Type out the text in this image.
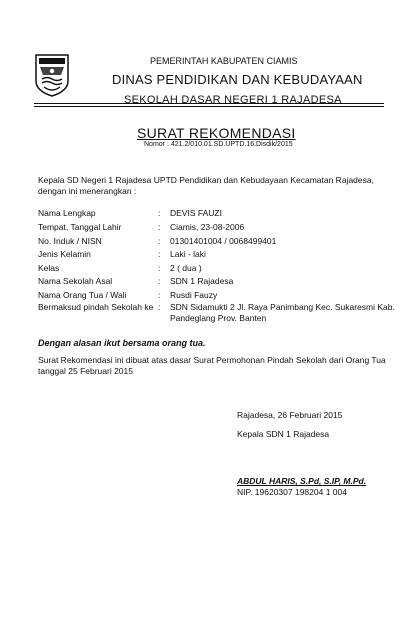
PEMERINTAH KABUPATEN CIAMIS
DINAS PENDIDIKAN DAN KEBUDAYAAN
SEKOLAH DASAR NEGERI 1 RAJADESA
SURAT REKOMENDASI
Nomor : 421.2/010.01.SD.UPTD.16.Disdik/2015
Kepala SD Negeri 1 Rajadesa UPTD Pendidikan dan Kebudayaan Kecamatan Rajadesa,
dengan ini menerangkan :
Nama Lengkap	: DEVIS FAUZI
Tempat, Tanggal Lahir	: Ciamis, 23-08-2006
No. Induk / NISN	: 01301401004 / 0068499401
Jenis Kelamin	: Laki - laki
Kelas	: 2 ( dua )
Nama Sekolah Asal	: SDN 1 Rajadesa
Nama Orang Tua / Wali	: Rusdi Fauzy
Bermaksud pindah Sekolah ke : SDN Sidamukti 2 Jl. Raya Panimbang Kec. Sukaresmi Kab. Pandeglang Prov. Banten
Dengan alasan ikut bersama orang tua.
Surat Rekomendasi ini dibuat atas dasar Surat Permohonan Pindah Sekolah dari Orang Tua
tanggal 25 Februari 2015
Rajadesa, 26 Februari 2015
Kepala SDN 1 Rajadesa
ABDUL HARIS, S.Pd, S.IP, M.Pd.
NIP. 19620307 198204 1 004
